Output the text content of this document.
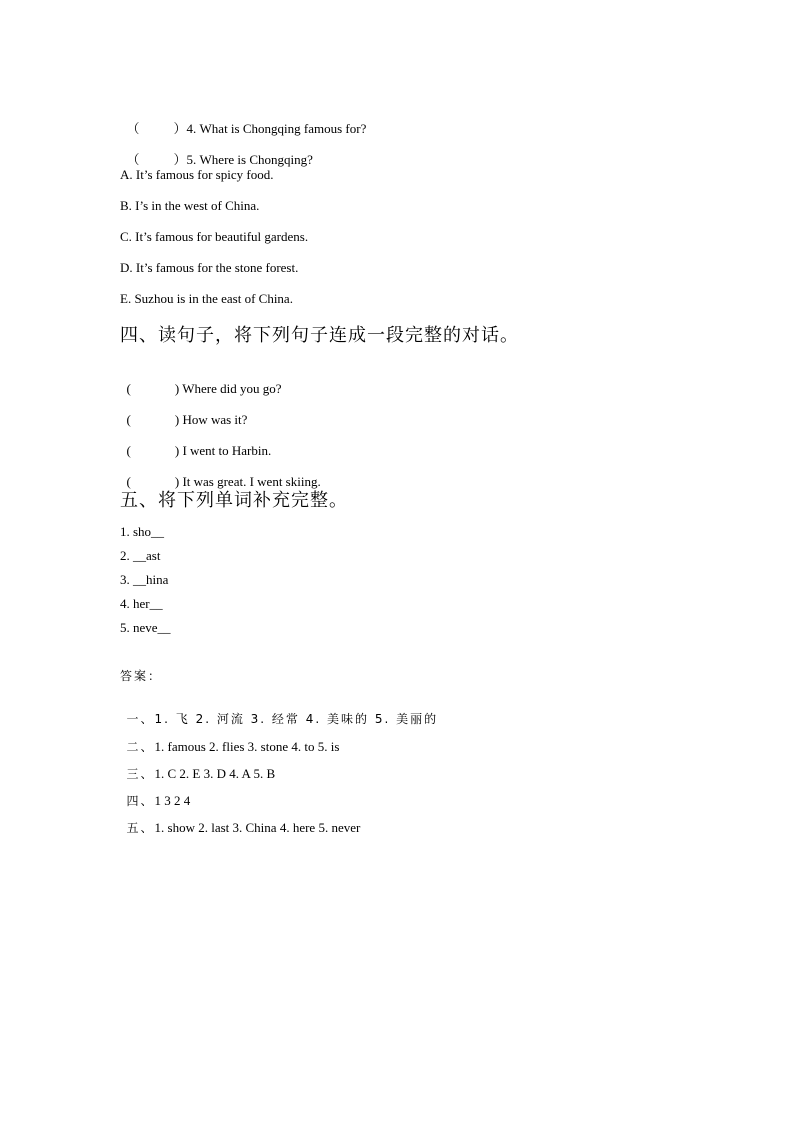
（	）4. What is Chongqing famous for?

（	）5. Where is Chongqing?

A. It’s famous for spicy food.
B. I’s in the west of China.
C. It’s famous for beautiful gardens.
D. It’s famous for the stone forest.
E. Suzhou is in the east of China.
四、读句子，将下列句子连成一段完整的对话。

(	) Where did you go?

(	) How was it?

(	) I went to Harbin.

(	) It was great. I went skiing.

五、将下列单词补充完整。
1. sho__
2. __ast
3. __hina
4. her__
5. neve__
答案：

一、1. 飞 2. 河流 3. 经常 4. 美味的 5. 美丽的

二、1. famous 2. flies 3. stone 4. to 5. is

三、1. C 2. E 3. D 4. A 5. B

四、1 3 2 4

五、1. show 2. last 3. China 4. here 5. never
